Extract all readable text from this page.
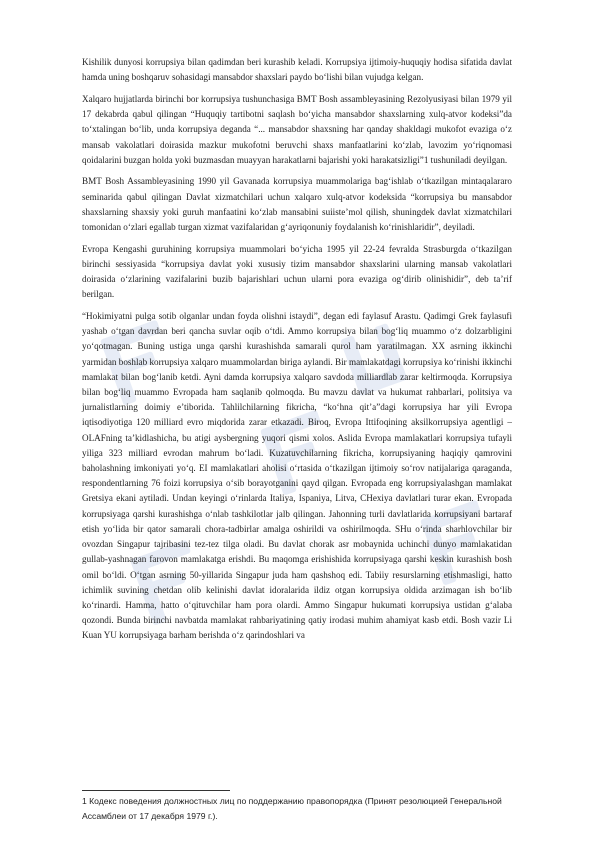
Kishilik dunyosi korrupsiya bilan qadimdan beri kurashib keladi. Korrupsiya ijtimoiy-huquqiy hodisa sifatida davlat hamda uning boshqaruv sohasidagi mansabdor shaxslari paydo bo‘lishi bilan vujudga kelgan.

Xalqaro hujjatlarda birinchi bor korrupsiya tushunchasiga BMT Bosh assambleyasining Rezolyusiyasi bilan 1979 yil 17 dekabrda qabul qilingan “Huquqiy tartibotni saqlash bo‘yicha mansabdor shaxslarning xulq-atvor kodeksi”da to‘xtalingan bo‘lib, unda korrupsiya deganda “... mansabdor shaxsning har qanday shakldagi mukofot evaziga o‘z mansab vakolatlari doirasida mazkur mukofotni beruvchi shaxs manfaatlarini ko‘zlab, lavozim yo‘riqnomasi qoidalarini buzgan holda yoki buzmasdan muayyan harakatlarni bajarishi yoki harakatsizligi”1 tushuniladi deyilgan.

BMT Bosh Assambleyasining 1990 yil Gavanada korrupsiya muammolariga bag‘ishlab o‘tkazilgan mintaqalararo seminarida qabul qilingan Davlat xizmatchilari uchun xalqaro xulq-atvor kodeksida “korrupsiya bu mansabdor shaxslarning shaxsiy yoki guruh manfaatini ko‘zlab mansabini suiiste’mol qilish, shuningdek davlat xizmatchilari tomonidan o‘zlari egallab turgan xizmat vazifalaridan g‘ayriqonuniy foydalanish ko‘rinishlaridir”, deyiladi.

Evropa Kengashi guruhining korrupsiya muammolari bo‘yicha 1995 yil 22-24 fevralda Strasburgda o‘tkazilgan birinchi sessiyasida “korrupsiya davlat yoki xususiy tizim mansabdor shaxslarini ularning mansab vakolatlari doirasida o‘zlarining vazifalarini buzib bajarishlari uchun ularni pora evaziga og‘dirib olinishidir”, deb ta’rif berilgan.

“Hokimiyatni pulga sotib olganlar undan foyda olishni istaydi”, degan edi faylasuf Arastu. Qadimgi Grek faylasufi yashab o‘tgan davrdan beri qancha suvlar oqib o‘tdi. Ammo korrupsiya bilan bog‘liq muammo o‘z dolzarbligini yo‘qotmagan. Buning ustiga unga qarshi kurashishda samarali qurol ham yaratilmagan. XX asrning ikkinchi yarmidan boshlab korrupsiya xalqaro muammolardan biriga aylandi. Bir mamlakatdagi korrupsiya ko‘rinishi ikkinchi mamlakat bilan bog‘lanib ketdi. Ayni damda korrupsiya xalqaro savdoda milliardlab zarar keltirmoqda. Korrupsiya bilan bog‘liq muammo Evropada ham saqlanib qolmoqda. Bu mavzu davlat va hukumat rahbarlari, politsiya va jurnalistlarning doimiy e’tiborida. Tahlilchilarning fikricha, “ko‘hna qit’a”dagi korrupsiya har yili Evropa iqtisodiyotiga 120 milliard evro miqdorida zarar etkazadi. Biroq, Evropa Ittifoqining aksilkorrupsiya agentligi – OLAFning ta’kidlashicha, bu atigi aysbergning yuqori qismi xolos. Aslida Evropa mamlakatlari korrupsiya tufayli yiliga 323 milliard evrodan mahrum bo‘ladi. Kuzatuvchilarning fikricha, korrupsiyaning haqiqiy qamrovini baholashning imkoniyati yo‘q. EI mamlakatlari aholisi o‘rtasida o‘tkazilgan ijtimoiy so‘rov natijalariga qaraganda, respondentlarning 76 foizi korrupsiya o‘sib borayotganini qayd qilgan. Evropada eng korrupsiyalashgan mamlakat Gretsiya ekani aytiladi. Undan keyingi o‘rinlarda Italiya, Ispaniya, Litva, CHexiya davlatlari turar ekan. Evropada korrupsiyaga qarshi kurashishga o‘nlab tashkilotlar jalb qilingan. Jahonning turli davlatlarida korrupsiyani bartaraf etish yo‘lida bir qator samarali chora-tadbirlar amalga oshirildi va oshirilmoqda. SHu o‘rinda sharhlovchilar bir ovozdan Singapur tajribasini tez-tez tilga oladi. Bu davlat chorak asr mobaynida uchinchi dunyo mamlakatidan gullab-yashnagan farovon mamlakatga erishdi. Bu maqomga erishishida korrupsiyaga qarshi keskin kurashish bosh omil bo‘ldi. O‘tgan asrning 50-yillarida Singapur juda ham qashshoq edi. Tabiiy resurslarning etishmasligi, hatto ichimlik suvining chetdan olib kelinishi davlat idoralarida ildiz otgan korrupsiya oldida arzimagan ish bo‘lib ko‘rinardi. Hamma, hatto o‘qituvchilar ham pora olardi. Ammo Singapur hukumati korrupsiya ustidan g‘alaba qozondi. Bunda birinchi navbatda mamlakat rahbariyatining qatiy irodasi muhim ahamiyat kasb etdi. Bosh vazir Li Kuan YU korrupsiyaga barham berishda o‘z qarindoshlari va

1 Кодекс поведения должностных лиц по поддержанию правопорядка (Принят резолюцией Генеральной Ассамблеи от 17 декабря 1979 г.).
